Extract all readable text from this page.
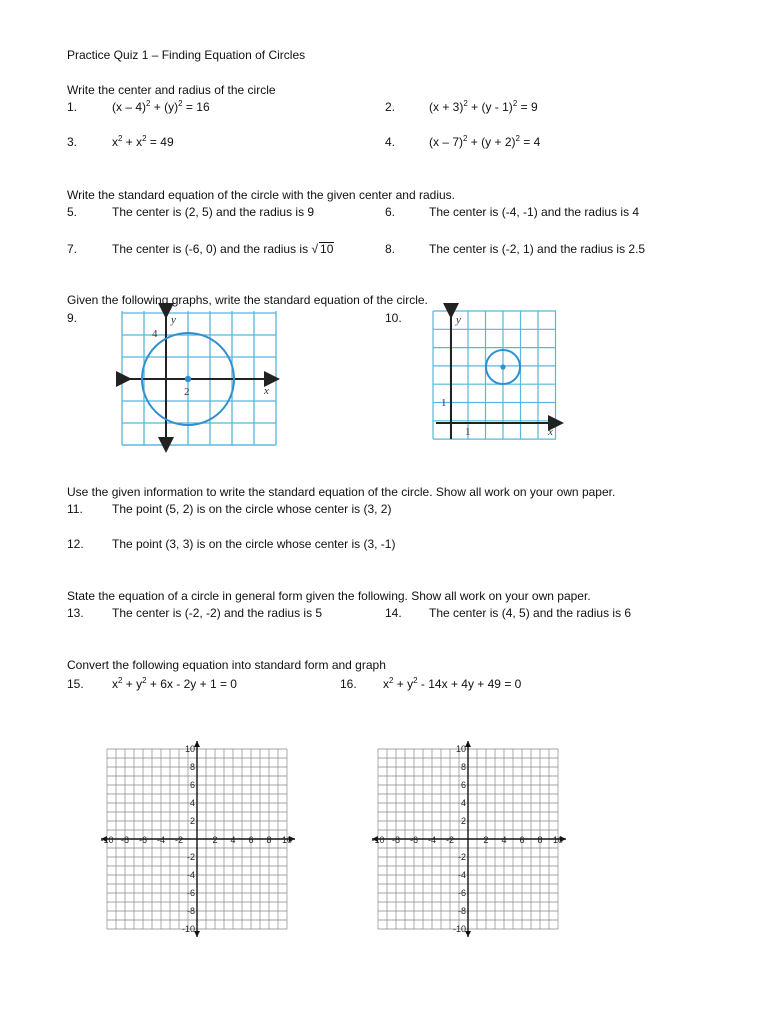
Practice Quiz 1 – Finding Equation of Circles
Write the center and radius of the circle
1.	$(x - 4)^2 + (y)^2 = 16$	2.	$(x + 3)^2 + (y - 1)^2 = 9$
3.	$x^2 + x^2 = 49$	4.	$(x - 7)^2 + (y + 2)^2 = 4$
Write the standard equation of the circle with the given center and radius.
5.	The center is (2, 5) and the radius is 9	6.	The center is (-4, -1) and the radius is 4
7.	The center is (-6, 0) and the radius is √ 10	8.	The center is (-2, 1) and the radius is 2.5
Given the following graphs, write the standard equation of the circle.
9.	10.
y
x
4
2
y
x
1
1
Use the given information to write the standard equation of the circle. Show all work on your own paper.
11. The point (5, 2) is on the circle whose center is (3, 2)
12. The point (3, 3) is on the circle whose center is (3, -1)
State the equation of a circle in general form given the following. Show all work on your own paper.
13. The center is (-2, -2) and the radius is 5	14. The center is (4, 5) and the radius is 6
Convert the following equation into standard form and graph
15. $x^2 + y^2 + 6x - 2y + 1 = 0$	16. $x^2 + y^2 - 14x + 4y + 49 = 0$
-10 -8 -6 -4 -2	2 4 6 8 10
10
8
6
4
2
-2
-4
-6
-8
-10
-10 -8 -6 -4 -2	2 4 6 8 10
10
8
6
4
2
-2
-4
-6
-8
-10
